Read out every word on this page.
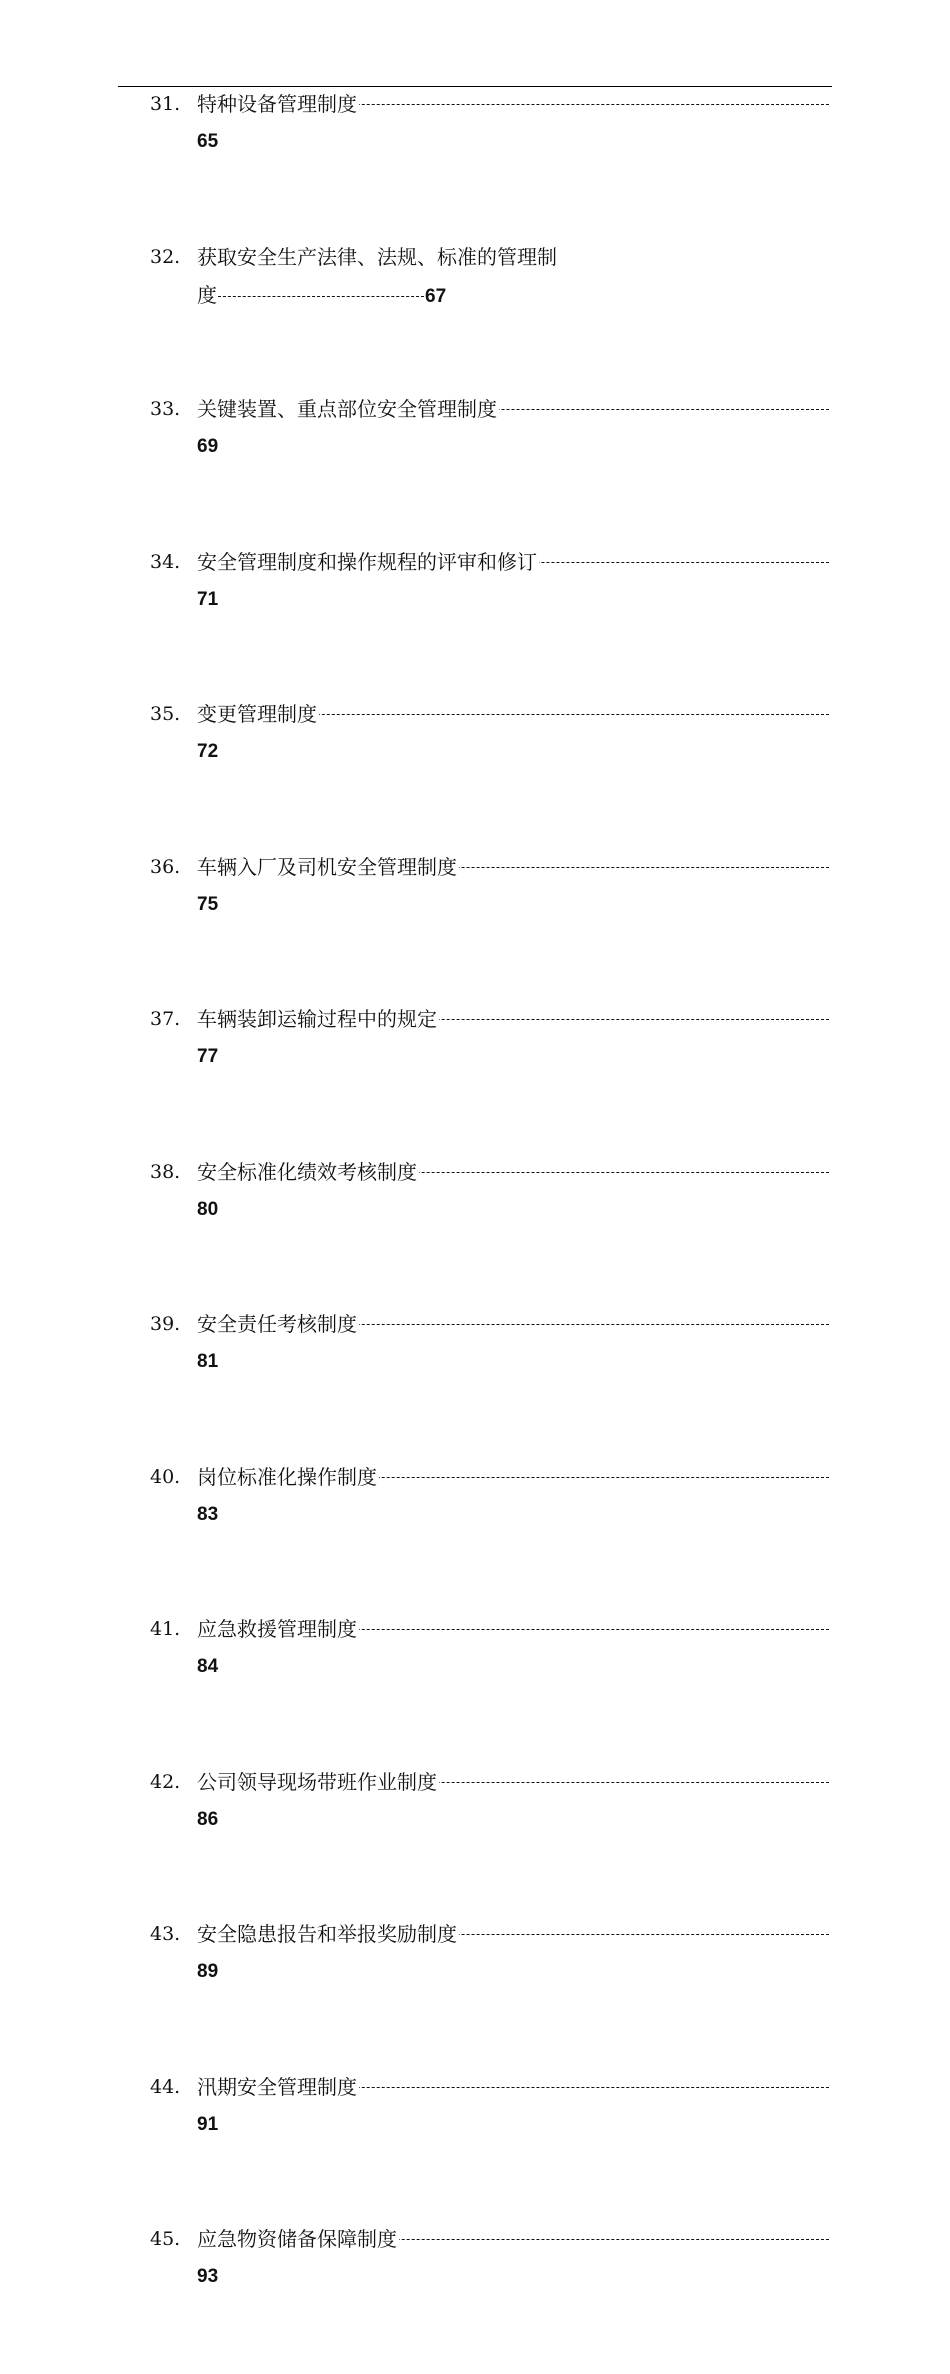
31. 特种设备管理制度
65
32. 获取安全生产法律、法规、标准的管理制
度	67
33. 关键装置、重点部位安全管理制度
69
34. 安全管理制度和操作规程的评审和修订
71
35. 变更管理制度
72
36. 车辆入厂及司机安全管理制度
75
37. 车辆装卸运输过程中的规定
77
38. 安全标准化绩效考核制度
80
39. 安全责任考核制度
81
40. 岗位标准化操作制度
83
41. 应急救援管理制度
84
42. 公司领导现场带班作业制度
86
43. 安全隐患报告和举报奖励制度
89
44. 汛期安全管理制度
91
45. 应急物资储备保障制度
93
